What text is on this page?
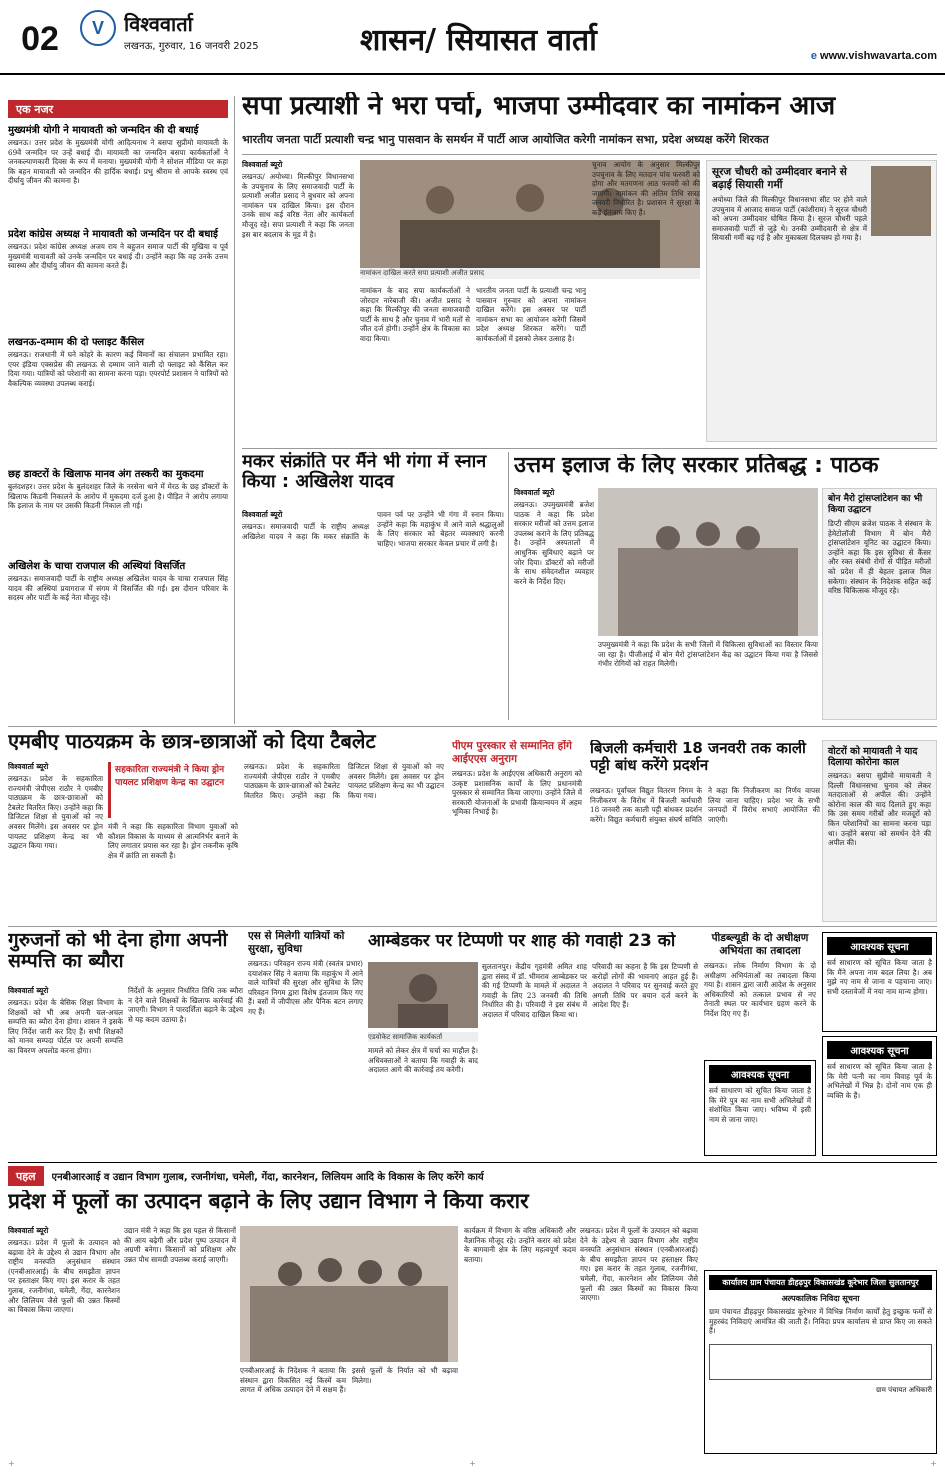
02	V	विश्ववार्ता
लखनऊ, गुरुवार, 16 जनवरी 2025	शासन/ सियासत वार्ता	e www.vishwavarta.com
एक नजर
मुख्यमंत्री योगी ने मायावती को जन्मदिन की दी बधाई
लखनऊ। उत्तर प्रदेश के मुख्यमंत्री योगी आदित्यनाथ ने बसपा सुप्रीमो मायावती के 69वें जन्मदिन पर उन्हें बधाई दी। मायावती का जन्मदिन बसपा कार्यकर्ताओं ने जनकल्याणकारी दिवस के रूप में मनाया। मुख्यमंत्री योगी ने सोशल मीडिया पर कहा कि बहन मायावती को जन्मदिन की हार्दिक बधाई। प्रभु श्रीराम से आपके स्वस्थ एवं दीर्घायु जीवन की कामना है।
प्रदेश कांग्रेस अध्यक्ष ने मायावती को जन्मदिन पर दी बधाई
लखनऊ। प्रदेश कांग्रेस अध्यक्ष अजय राय ने बहुजन समाज पार्टी की मुखिया व पूर्व मुख्यमंत्री मायावती को उनके जन्मदिन पर बधाई दी। उन्होंने कहा कि वह उनके उत्तम स्वास्थ्य और दीर्घायु जीवन की कामना करते हैं।
लखनऊ-दम्माम की दो फ्लाइट कैंसिल
लखनऊ। राजधानी में घने कोहरे के कारण कई विमानों का संचालन प्रभावित रहा। एयर इंडिया एक्सप्रेस की लखनऊ से दम्माम जाने वाली दो फ्लाइट को कैंसिल कर दिया गया। यात्रियों को परेशानी का सामना करना पड़ा। एयरपोर्ट प्रशासन ने यात्रियों को वैकल्पिक व्यवस्था उपलब्ध कराई।
छह डाक्टरों के खिलाफ मानव अंग तस्करी का मुकदमा
बुलंदशहर। उत्तर प्रदेश के बुलंदशहर जिले के नरसेना थाने में मेरठ के छह डॉक्टरों के खिलाफ किडनी निकालने के आरोप में मुकदमा दर्ज हुआ है। पीड़ित ने आरोप लगाया कि इलाज के नाम पर उसकी किडनी निकाल ली गई।
अखिलेश के चाचा राजपाल की अस्थियां विसर्जित
लखनऊ। समाजवादी पार्टी के राष्ट्रीय अध्यक्ष अखिलेश यादव के चाचा राजपाल सिंह यादव की अस्थियां प्रयागराज में संगम में विसर्जित की गईं। इस दौरान परिवार के सदस्य और पार्टी के कई नेता मौजूद रहे।
सपा प्रत्याशी ने भरा पर्चा, भाजपा उम्मीदवार का नामांकन आज
भारतीय जनता पार्टी प्रत्याशी चन्द्र भानु पासवान के समर्थन में पार्टी आज आयोजित करेगी नामांकन सभा, प्रदेश अध्यक्ष करेंगे शिरकत
विश्ववार्ता ब्यूरो
लखनऊ/ अयोध्या। मिल्कीपुर विधानसभा के उपचुनाव के लिए समाजवादी पार्टी के प्रत्याशी अजीत प्रसाद ने बुधवार को अपना नामांकन पत्र दाखिल किया। इस दौरान उनके साथ कई वरिष्ठ नेता और कार्यकर्ता मौजूद रहे। सपा प्रत्याशी ने कहा कि जनता इस बार बदलाव के मूड में है।
नामांकन दाखिल करते सपा प्रत्याशी अजीत प्रसाद
नामांकन के बाद सपा कार्यकर्ताओं ने जोरदार नारेबाजी की। अजीत प्रसाद ने कहा कि मिल्कीपुर की जनता समाजवादी पार्टी के साथ है और चुनाव में भारी मतों से जीत दर्ज होगी। उन्होंने क्षेत्र के विकास का वादा किया।
भारतीय जनता पार्टी के प्रत्याशी चन्द्र भानु पासवान गुरुवार को अपना नामांकन दाखिल करेंगे। इस अवसर पर पार्टी नामांकन सभा का आयोजन करेगी जिसमें प्रदेश अध्यक्ष शिरकत करेंगे। पार्टी कार्यकर्ताओं में इसको लेकर उत्साह है।
चुनाव आयोग के अनुसार मिल्कीपुर उपचुनाव के लिए मतदान पांच फरवरी को होगा और मतगणना आठ फरवरी को की जाएगी। नामांकन की अंतिम तिथि सत्रह जनवरी निर्धारित है। प्रशासन ने सुरक्षा के कड़े इंतजाम किए हैं।
सूरज चौधरी को उम्मीदवार बनाने से बढ़ाई सियासी गर्मी
अयोध्या जिले की मिल्कीपुर विधानसभा सीट पर होने वाले उपचुनाव में आजाद समाज पार्टी (कांशीराम) ने सूरज चौधरी को अपना उम्मीदवार घोषित किया है। सूरज चौधरी पहले समाजवादी पार्टी से जुड़े थे। उनकी उम्मीदवारी से क्षेत्र में सियासी गर्मी बढ़ गई है और मुकाबला दिलचस्प हो गया है।
मकर संक्रांति पर मैंने भी गंगा में स्नान किया : अखिलेश यादव
विश्ववार्ता ब्यूरो
लखनऊ। समाजवादी पार्टी के राष्ट्रीय अध्यक्ष अखिलेश यादव ने कहा कि मकर संक्रांति के पावन पर्व पर उन्होंने भी गंगा में स्नान किया। उन्होंने कहा कि महाकुंभ में आने वाले श्रद्धालुओं के लिए सरकार को बेहतर व्यवस्थाएं करनी चाहिए। भाजपा सरकार केवल प्रचार में लगी है।
उत्तम इलाज के लिए सरकार प्रतिबद्ध : पाठक
विश्ववार्ता ब्यूरो
लखनऊ। उपमुख्यमंत्री ब्रजेश पाठक ने कहा कि प्रदेश सरकार मरीजों को उत्तम इलाज उपलब्ध कराने के लिए प्रतिबद्ध है। उन्होंने अस्पतालों में आधुनिक सुविधाएं बढ़ाने पर जोर दिया। डॉक्टरों को मरीजों के साथ संवेदनशील व्यवहार करने के निर्देश दिए।
उपमुख्यमंत्री ने कहा कि प्रदेश के सभी जिलों में चिकित्सा सुविधाओं का विस्तार किया जा रहा है। पीजीआई में बोन मैरो ट्रांसप्लांटेशन केंद्र का उद्घाटन किया गया है जिससे गंभीर रोगियों को राहत मिलेगी।
बोन मैरो ट्रांसप्लांटेशन का भी किया उद्घाटन
डिप्टी सीएम ब्रजेश पाठक ने संस्थान के हेमेटोलॉजी विभाग में बोन मैरो ट्रांसप्लांटेशन यूनिट का उद्घाटन किया। उन्होंने कहा कि इस सुविधा से कैंसर और रक्त संबंधी रोगों से पीड़ित मरीजों को प्रदेश में ही बेहतर इलाज मिल सकेगा। संस्थान के निदेशक सहित कई वरिष्ठ चिकित्सक मौजूद रहे।
एमबीए पाठयक्रम के छात्र-छात्राओं को दिया टैबलेट
विश्ववार्ता ब्यूरो
लखनऊ। प्रदेश के सहकारिता राज्यमंत्री जेपीएस राठौर ने एमबीए पाठ्यक्रम के छात्र-छात्राओं को टैबलेट वितरित किए। उन्होंने कहा कि डिजिटल शिक्षा से युवाओं को नए अवसर मिलेंगे। इस अवसर पर ड्रोन पायलट प्रशिक्षण केन्द्र का भी उद्घाटन किया गया।
सहकारिता राज्यमंत्री ने किया ड्रोन पायलट प्रशिक्षण केन्द्र का उद्घाटन
मंत्री ने कहा कि सहकारिता विभाग युवाओं को कौशल विकास के माध्यम से आत्मनिर्भर बनाने के लिए लगातार प्रयास कर रहा है। ड्रोन तकनीक कृषि क्षेत्र में क्रांति ला सकती है।
लखनऊ। प्रदेश के सहकारिता राज्यमंत्री जेपीएस राठौर ने एमबीए पाठ्यक्रम के छात्र-छात्राओं को टैबलेट वितरित किए। उन्होंने कहा कि डिजिटल शिक्षा से युवाओं को नए अवसर मिलेंगे। इस अवसर पर ड्रोन पायलट प्रशिक्षण केन्द्र का भी उद्घाटन किया गया।
पीएम पुरस्कार से सम्मानित होंगे आईएएस अनुराग
लखनऊ। प्रदेश के आईएएस अधिकारी अनुराग को उत्कृष्ट प्रशासनिक कार्यों के लिए प्रधानमंत्री पुरस्कार से सम्मानित किया जाएगा। उन्होंने जिले में सरकारी योजनाओं के प्रभावी क्रियान्वयन में अहम भूमिका निभाई है।
बिजली कर्मचारी 18 जनवरी तक काली पट्टी बांध करेंगे प्रदर्शन
लखनऊ। पूर्वांचल विद्युत वितरण निगम के निजीकरण के विरोध में बिजली कर्मचारी 18 जनवरी तक काली पट्टी बांधकर प्रदर्शन करेंगे। विद्युत कर्मचारी संयुक्त संघर्ष समिति ने कहा कि निजीकरण का निर्णय वापस लिया जाना चाहिए। प्रदेश भर के सभी जनपदों में विरोध सभाएं आयोजित की जाएंगी।
वोटरों को मायावती ने याद दिलाया कोरोना काल
लखनऊ। बसपा सुप्रीमो मायावती ने दिल्ली विधानसभा चुनाव को लेकर मतदाताओं से अपील की। उन्होंने कोरोना काल की याद दिलाते हुए कहा कि उस समय गरीबों और मजदूरों को किन परेशानियों का सामना करना पड़ा था। उन्होंने बसपा को समर्थन देने की अपील की।
गुरुजनों को भी देना होगा अपनी सम्पत्ति का ब्यौरा
विश्ववार्ता ब्यूरो
लखनऊ। प्रदेश के बेसिक शिक्षा विभाग के शिक्षकों को भी अब अपनी चल-अचल सम्पत्ति का ब्यौरा देना होगा। शासन ने इसके लिए निर्देश जारी कर दिए हैं। सभी शिक्षकों को मानव सम्पदा पोर्टल पर अपनी सम्पत्ति का विवरण अपलोड करना होगा।
निर्देशों के अनुसार निर्धारित तिथि तक ब्यौरा न देने वाले शिक्षकों के खिलाफ कार्रवाई की जाएगी। विभाग ने पारदर्शिता बढ़ाने के उद्देश्य से यह कदम उठाया है।
एस से मिलेगी यात्रियों को सुरक्षा, सुविधा
लखनऊ। परिवहन राज्य मंत्री (स्वतंत्र प्रभार) दयाशंकर सिंह ने बताया कि महाकुंभ में आने वाले यात्रियों की सुरक्षा और सुविधा के लिए परिवहन निगम द्वारा विशेष इंतजाम किए गए हैं। बसों में जीपीएस और पैनिक बटन लगाए गए हैं।
आम्बेडकर पर टिप्पणी पर शाह की गवाही 23 को
एडवोकेट सामाजिक कार्यकर्ता
मामले को लेकर क्षेत्र में चर्चा का माहौल है। अधिवक्ताओं ने बताया कि गवाही के बाद अदालत आगे की कार्रवाई तय करेगी।
सुलतानपुर। केंद्रीय गृहमंत्री अमित शाह द्वारा संसद में डॉ. भीमराव आम्बेडकर पर की गई टिप्पणी के मामले में अदालत ने गवाही के लिए 23 जनवरी की तिथि निर्धारित की है। परिवादी ने इस संबंध में अदालत में परिवाद दाखिल किया था।
परिवादी का कहना है कि इस टिप्पणी से करोड़ों लोगों की भावनाएं आहत हुई हैं। अदालत ने परिवाद पर सुनवाई करते हुए अगली तिथि पर बयान दर्ज करने के आदेश दिए हैं।
पीडब्ल्यूडी के दो अधीक्षण अभियंता का तबादला
लखनऊ। लोक निर्माण विभाग के दो अधीक्षण अभियंताओं का तबादला किया गया है। शासन द्वारा जारी आदेश के अनुसार अधिकारियों को तत्काल प्रभाव से नए तैनाती स्थल पर कार्यभार ग्रहण करने के निर्देश दिए गए हैं।
आवश्यक सूचना
सर्व साधारण को सूचित किया जाता है कि मैंने अपना नाम बदल लिया है। अब मुझे नए नाम से जाना व पहचाना जाए। सभी दस्तावेजों में नया नाम मान्य होगा।
आवश्यक सूचना
सर्व साधारण को सूचित किया जाता है कि मेरे पुत्र का नाम सभी अभिलेखों में संशोधित किया जाए। भविष्य में इसी नाम से जाना जाए।
आवश्यक सूचना
सर्व साधारण को सूचित किया जाता है कि मेरी पत्नी का नाम विवाह पूर्व के अभिलेखों में भिन्न है। दोनों नाम एक ही व्यक्ति के हैं।
पहल	एनबीआरआई व उद्यान विभाग गुलाब, रजनीगंधा, चमेली, गेंदा, कारनेशन, लिलियम आदि के विकास के लिए करेंगे कार्य
प्रदेश में फूलों का उत्पादन बढ़ाने के लिए उद्यान विभाग ने किया करार
विश्ववार्ता ब्यूरो
लखनऊ। प्रदेश में फूलों के उत्पादन को बढ़ावा देने के उद्देश्य से उद्यान विभाग और राष्ट्रीय वनस्पति अनुसंधान संस्थान (एनबीआरआई) के बीच समझौता ज्ञापन पर हस्ताक्षर किए गए। इस करार के तहत गुलाब, रजनीगंधा, चमेली, गेंदा, कारनेशन और लिलियम जैसे फूलों की उन्नत किस्मों का विकास किया जाएगा।
उद्यान मंत्री ने कहा कि इस पहल से किसानों की आय बढ़ेगी और प्रदेश पुष्प उत्पादन में अग्रणी बनेगा। किसानों को प्रशिक्षण और उन्नत पौध सामग्री उपलब्ध कराई जाएगी।
एनबीआरआई के निदेशक ने बताया कि संस्थान द्वारा विकसित नई किस्में कम लागत में अधिक उत्पादन देने में सक्षम हैं। इससे फूलों के निर्यात को भी बढ़ावा मिलेगा।
कार्यक्रम में विभाग के वरिष्ठ अधिकारी और वैज्ञानिक मौजूद रहे। उन्होंने करार को प्रदेश के बागवानी क्षेत्र के लिए महत्वपूर्ण कदम बताया।
लखनऊ। प्रदेश में फूलों के उत्पादन को बढ़ावा देने के उद्देश्य से उद्यान विभाग और राष्ट्रीय वनस्पति अनुसंधान संस्थान (एनबीआरआई) के बीच समझौता ज्ञापन पर हस्ताक्षर किए गए। इस करार के तहत गुलाब, रजनीगंधा, चमेली, गेंदा, कारनेशन और लिलियम जैसे फूलों की उन्नत किस्मों का विकास किया जाएगा।
कार्यालय ग्राम पंचायत डीहढ़पुर विकासखंड कूरेभार जिला सुलतानपुर
अल्पकालिक निविदा सूचना
ग्राम पंचायत डीहढ़पुर विकासखंड कूरेभार में विभिन्न निर्माण कार्यों हेतु इच्छुक फर्मों से मुहरबंद निविदाएं आमंत्रित की जाती हैं। निविदा प्रपत्र कार्यालय से प्राप्त किए जा सकते हैं।
ग्राम पंचायत अधिकारी
+	+	+
